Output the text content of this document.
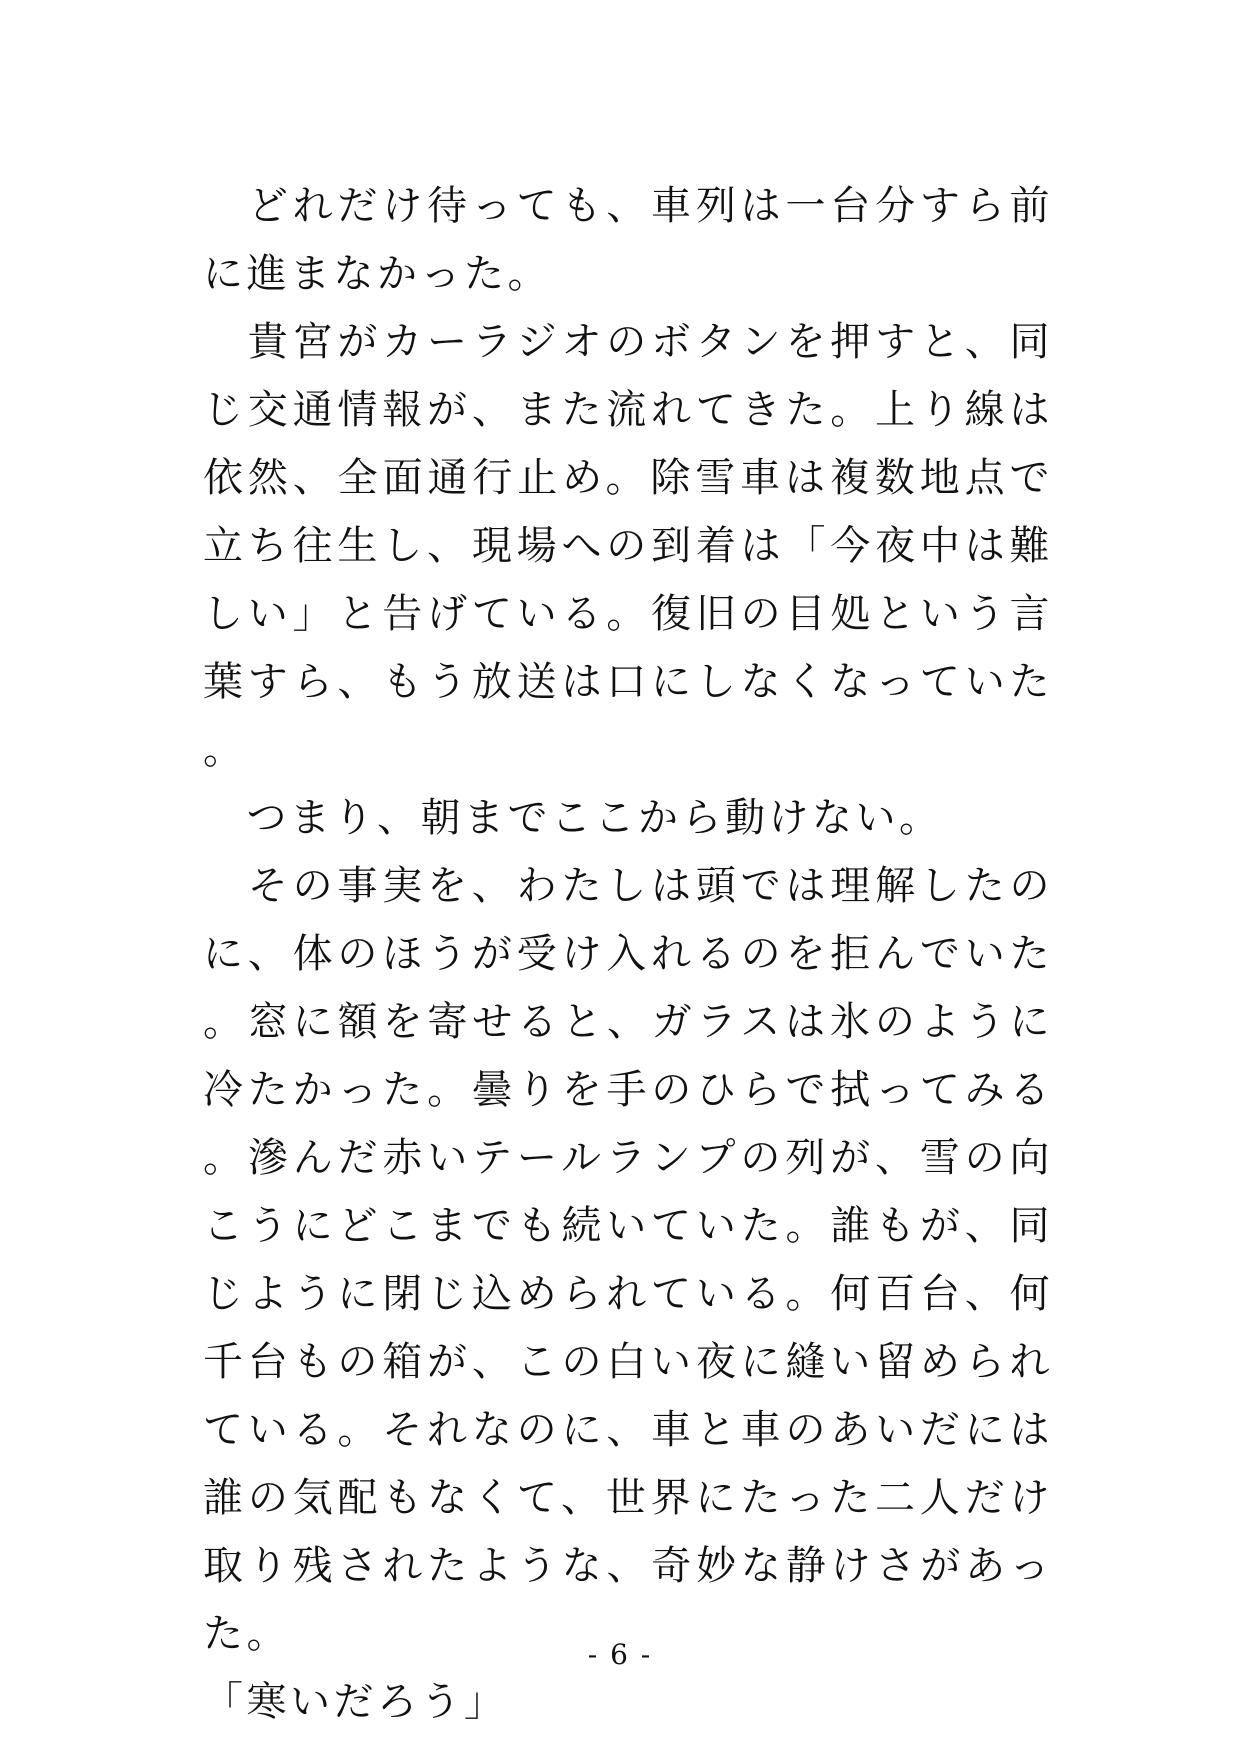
　どれだけ待っても、車列は一台分すら前に進まなかった。

　貴宮がカーラジオのボタンを押すと、同じ交通情報が、また流れてきた。上り線は依然、全面通行止め。除雪車は複数地点で立ち往生し、現場への到着は「今夜中は難しい」と告げている。復旧の目処という言葉すら、もう放送は口にしなくなっていた。

　つまり、朝までここから動けない。

　その事実を、わたしは頭では理解したのに、体のほうが受け入れるのを拒んでいた。窓に額を寄せると、ガラスは氷のように冷たかった。曇りを手のひらで拭ってみる。滲んだ赤いテールランプの列が、雪の向こうにどこまでも続いていた。誰もが、同じように閉じ込められている。何百台、何千台もの箱が、この白い夜に縫い留められている。それなのに、車と車のあいだには誰の気配もなくて、世界にたった二人だけ取り残されたような、奇妙な静けさがあった。

「寒いだろう」

- 6 -
